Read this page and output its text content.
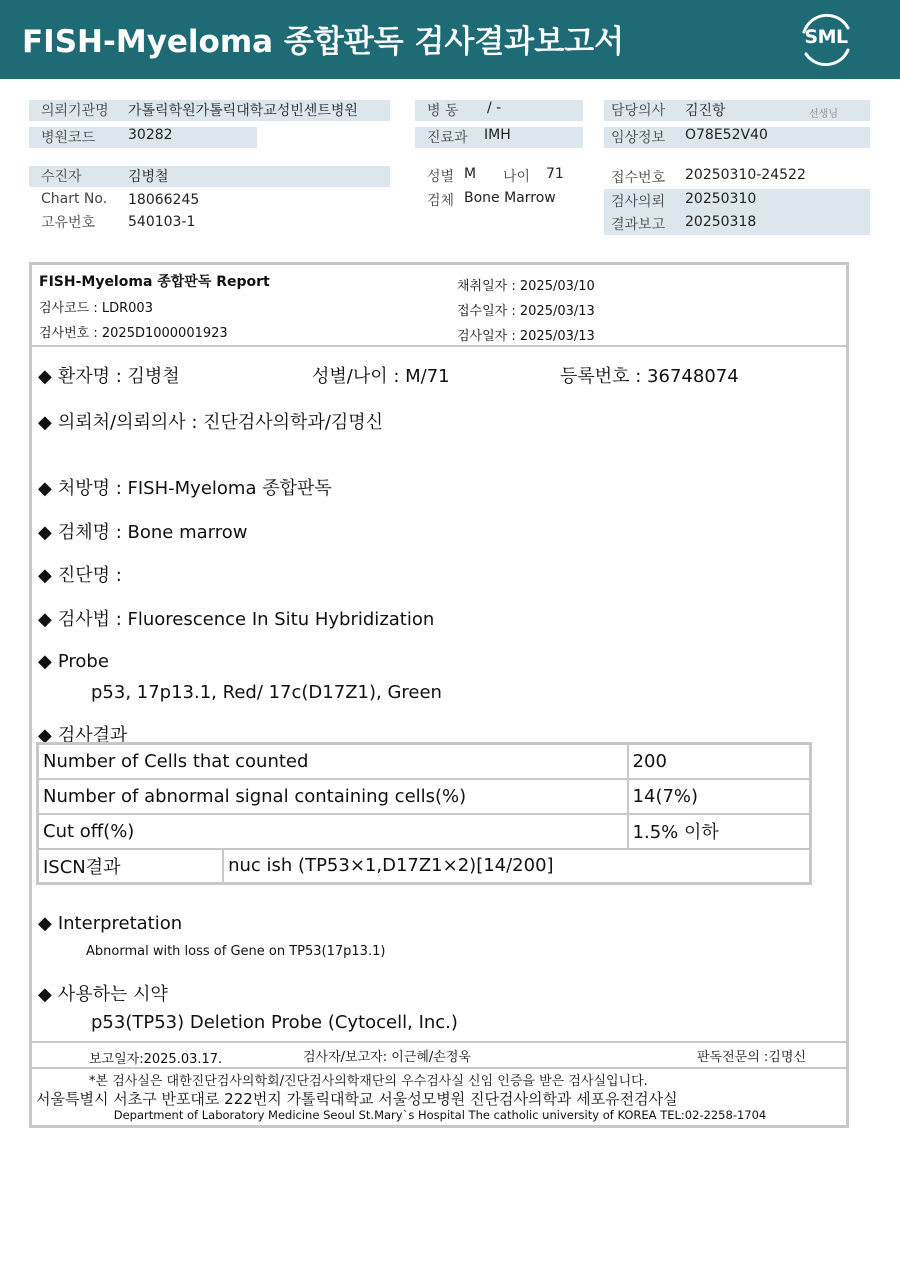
FISH-Myeloma 종합판독 검사결과보고서	SML
의뢰기관명 가톨릭학원가톨릭대학교성빈센트병원
병원코드 30282
수진자	김병철
Chart No. 18066245
고유번호 540103-1
병 동 / -
진료과 IMH
성별 M 나이 71
검체 Bone Marrow
담당의사 김진항	선생님
임상정보 O78E52V40
접수번호 20250310-24522
검사의뢰 20250310
결과보고 20250318
FISH-Myeloma 종합판독 Report
검사코드 : LDR003
검사번호 : 2025D1000001923
채취일자 : 2025/03/10
접수일자 : 2025/03/13
검사일자 : 2025/03/13
◆ 환자명 : 김병철	성별/나이 : M/71	등록번호 : 36748074
◆ 의뢰처/의뢰의사 : 진단검사의학과/김명신
◆ 처방명 : FISH-Myeloma 종합판독
◆ 검체명 : Bone marrow
◆ 진단명 :
◆ 검사법 : Fluorescence In Situ Hybridization
◆ Probe
p53, 17p13.1, Red/ 17c(D17Z1), Green
◆ 검사결과
Number of Cells that counted		200
Number of abnormal signal containing cells(%)		14(7%)
Cut off(%)		1.5% 이하
ISCN결과	nuc ish (TP53×1,D17Z1×2)[14/200]	
◆ Interpretation
Abnormal with loss of Gene on TP53(17p13.1)
◆ 사용하는 시약
p53(TP53) Deletion Probe (Cytocell, Inc.)
보고일자:2025.03.17.	검사자/보고자: 이근혜/손정욱	판독전문의 :김명신
*본 검사실은 대한진단검사의학회/진단검사의학재단의 우수검사실 신임 인증을 받은 검사실입니다.
서울특별시 서초구 반포대로 222번지 가톨릭대학교 서울성모병원 진단검사의학과 세포유전검사실
Department of Laboratory Medicine Seoul St.Mary`s Hospital The catholic university of KOREA TEL:02-2258-1704
